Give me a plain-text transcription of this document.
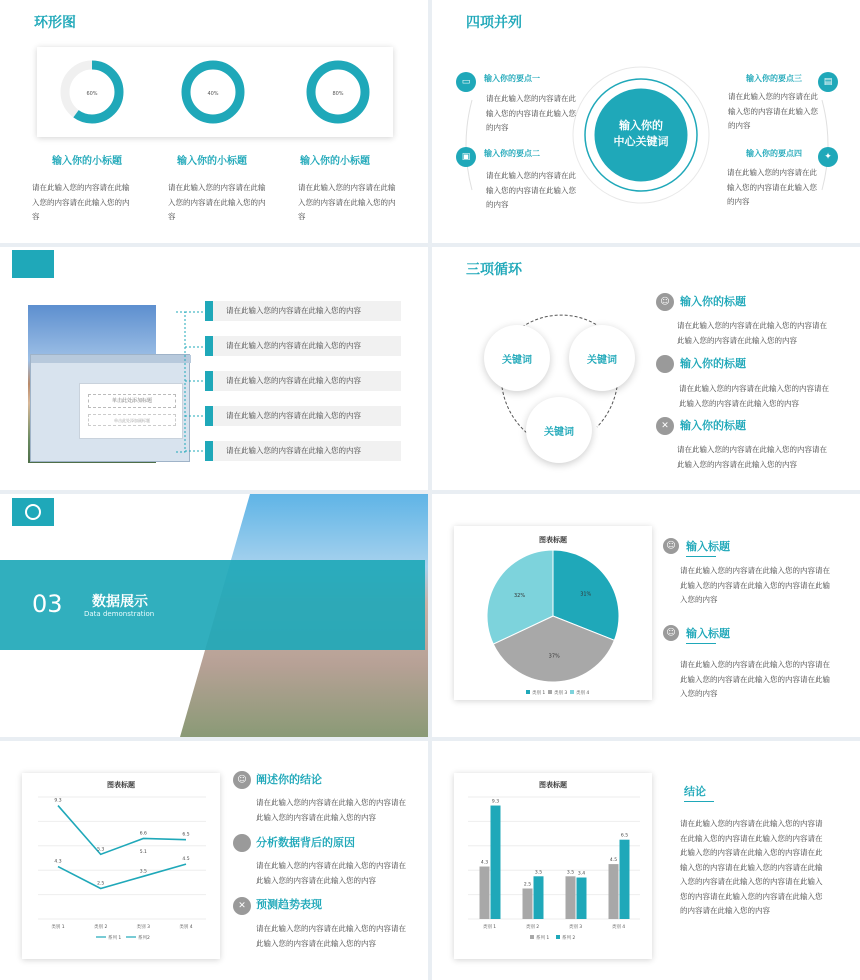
环形图
60%	40%	80%
输入你的小标题	输入你的小标题	输入你的小标题
请在此输入您的内容请在此输入您的内容请在此输入您的内容
请在此输入您的内容请在此输入您的内容请在此输入您的内容
请在此输入您的内容请在此输入您的内容请在此输入您的内容
四项并列
输入你的
中心关键词
▭
▣
▤
✦
输入你的要点一
请在此输入您的内容请在此输入您的内容请在此输入您的内容
输入你的要点二
请在此输入您的内容请在此输入您的内容请在此输入您的内容
输入你的要点三
请在此输入您的内容请在此输入您的内容请在此输入您的内容
输入你的要点四
请在此输入您的内容请在此输入您的内容请在此输入您的内容
单击此处添加标题
单击此处添加副标题
请在此输入您的内容请在此输入您的内容
请在此输入您的内容请在此输入您的内容
请在此输入您的内容请在此输入您的内容
请在此输入您的内容请在此输入您的内容
请在此输入您的内容请在此输入您的内容
三项循环
关键词	关键词
关键词
☺
✕
输入你的标题
请在此输入您的内容请在此输入您的内容请在此输入您的内容请在此输入您的内容
输入你的标题
请在此输入您的内容请在此输入您的内容请在此输入您的内容请在此输入您的内容
输入你的标题
请在此输入您的内容请在此输入您的内容请在此输入您的内容请在此输入您的内容
03 数据展示
Data demonstration
图表标题
31%
37%
32%
类别 1 类别 3 类别 4
☺ 输入标题
请在此输入您的内容请在此输入您的内容请在此输入您的内容请在此输入您的内容请在此输入您的内容
☺ 输入标题
请在此输入您的内容请在此输入您的内容请在此输入您的内容请在此输入您的内容请在此输入您的内容
图表标题
4.3
2.5
3.5
4.5
9.3
5.3
6.6	6.5
5.1
类别 1	类别 2	类别 3	类别 4
系列 1	系列2
☺ 阐述你的结论
请在此输入您的内容请在此输入您的内容请在此输入您的内容请在此输入您的内容
分析数据背后的原因
请在此输入您的内容请在此输入您的内容请在此输入您的内容请在此输入您的内容
✕ 预测趋势表现
请在此输入您的内容请在此输入您的内容请在此输入您的内容请在此输入您的内容
图表标题
4.3
9.3
类别 1
2.5
3.5
类别 2
3.5 3.4
类别 3
4.5
6.5
类别 4
系列 1	系列 2
结论
请在此输入您的内容请在此输入您的内容请在此输入您的内容请在此输入您的内容请在此输入您的内容请在此输入您的内容请在此输入您的内容请在此输入您的内容请在此输入您的内容请在此输入您的内容请在此输入您的内容请在此输入您的内容请在此输入您的内容请在此输入您的内容
